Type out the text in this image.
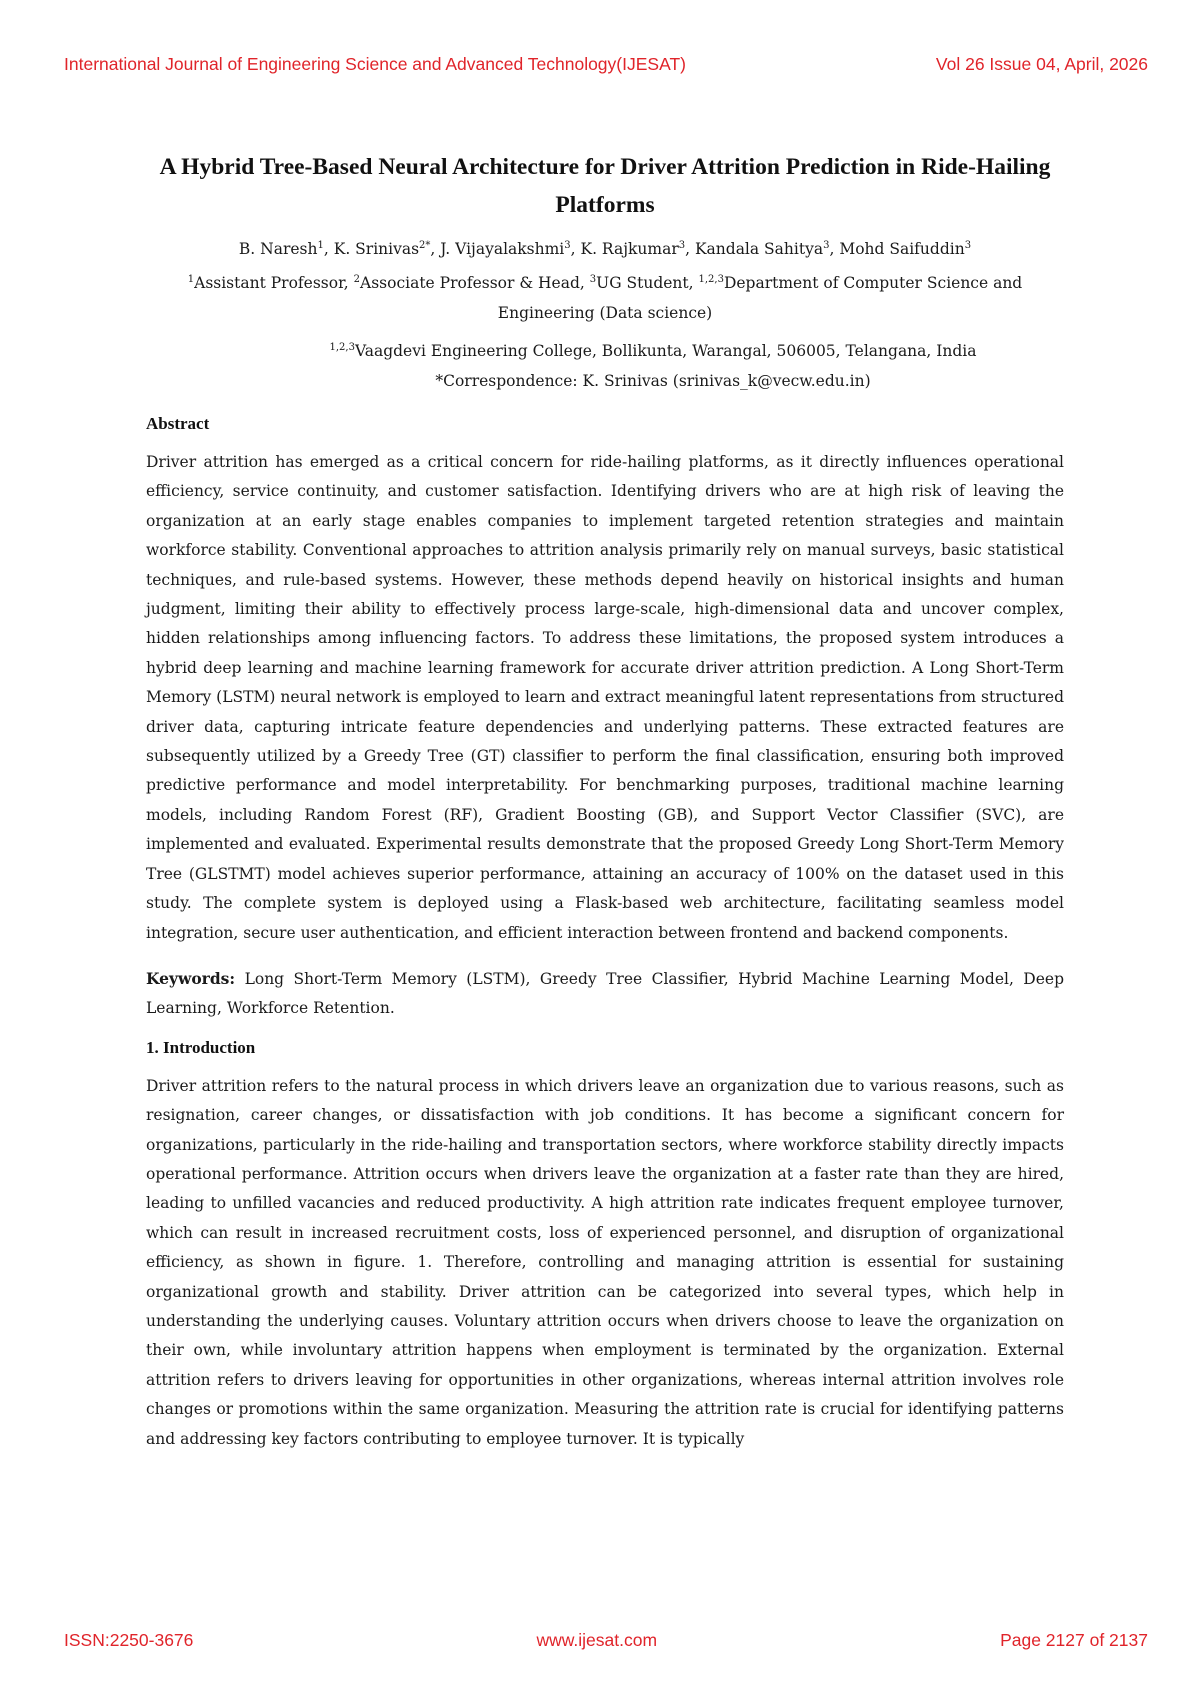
International Journal of Engineering Science and Advanced Technology(IJESAT)	Vol 26 Issue 04, April, 2026
A Hybrid Tree-Based Neural Architecture for Driver Attrition Prediction in Ride-Hailing Platforms
B. Naresh$^1$, K. Srinivas$^{2*}$, J. Vijayalakshmi$^3$, K. Rajkumar$^3$, Kandala Sahitya$^3$, Mohd Saifuddin$^3$
$^1$Assistant Professor, $^2$Associate Professor & Head, $^3$UG Student, $^{1,2,3}$Department of Computer Science and Engineering (Data science)
$^{1,2,3}$Vaagdevi Engineering College, Bollikunta, Warangal, 506005, Telangana, India
*Correspondence: K. Srinivas (srinivas_k@vecw.edu.in)
Abstract

Driver attrition has emerged as a critical concern for ride-hailing platforms, as it directly influences operational efficiency, service continuity, and customer satisfaction. Identifying drivers who are at high risk of leaving the organization at an early stage enables companies to implement targeted retention strategies and maintain workforce stability. Conventional approaches to attrition analysis primarily rely on manual surveys, basic statistical techniques, and rule-based systems. However, these methods depend heavily on historical insights and human judgment, limiting their ability to effectively process large-scale, high-dimensional data and uncover complex, hidden relationships among influencing factors. To address these limitations, the proposed system introduces a hybrid deep learning and machine learning framework for accurate driver attrition prediction. A Long Short-Term Memory (LSTM) neural network is employed to learn and extract meaningful latent representations from structured driver data, capturing intricate feature dependencies and underlying patterns. These extracted features are subsequently utilized by a Greedy Tree (GT) classifier to perform the final classification, ensuring both improved predictive performance and model interpretability. For benchmarking purposes, traditional machine learning models, including Random Forest (RF), Gradient Boosting (GB), and Support Vector Classifier (SVC), are implemented and evaluated. Experimental results demonstrate that the proposed Greedy Long Short-Term Memory Tree (GLSTMT) model achieves superior performance, attaining an accuracy of 100% on the dataset used in this study. The complete system is deployed using a Flask-based web architecture, facilitating seamless model integration, secure user authentication, and efficient interaction between frontend and backend components.

Keywords: Long Short-Term Memory (LSTM), Greedy Tree Classifier, Hybrid Machine Learning Model, Deep Learning, Workforce Retention.

1. Introduction

Driver attrition refers to the natural process in which drivers leave an organization due to various reasons, such as resignation, career changes, or dissatisfaction with job conditions. It has become a significant concern for organizations, particularly in the ride-hailing and transportation sectors, where workforce stability directly impacts operational performance. Attrition occurs when drivers leave the organization at a faster rate than they are hired, leading to unfilled vacancies and reduced productivity. A high attrition rate indicates frequent employee turnover, which can result in increased recruitment costs, loss of experienced personnel, and disruption of organizational efficiency, as shown in figure. 1. Therefore, controlling and managing attrition is essential for sustaining organizational growth and stability. Driver attrition can be categorized into several types, which help in understanding the underlying causes. Voluntary attrition occurs when drivers choose to leave the organization on their own, while involuntary attrition happens when employment is terminated by the organization. External attrition refers to drivers leaving for opportunities in other organizations, whereas internal attrition involves role changes or promotions within the same organization. Measuring the attrition rate is crucial for identifying patterns and addressing key factors contributing to employee turnover. It is typically

ISSN:2250-3676	www.ijesat.com	Page 2127 of 2137
